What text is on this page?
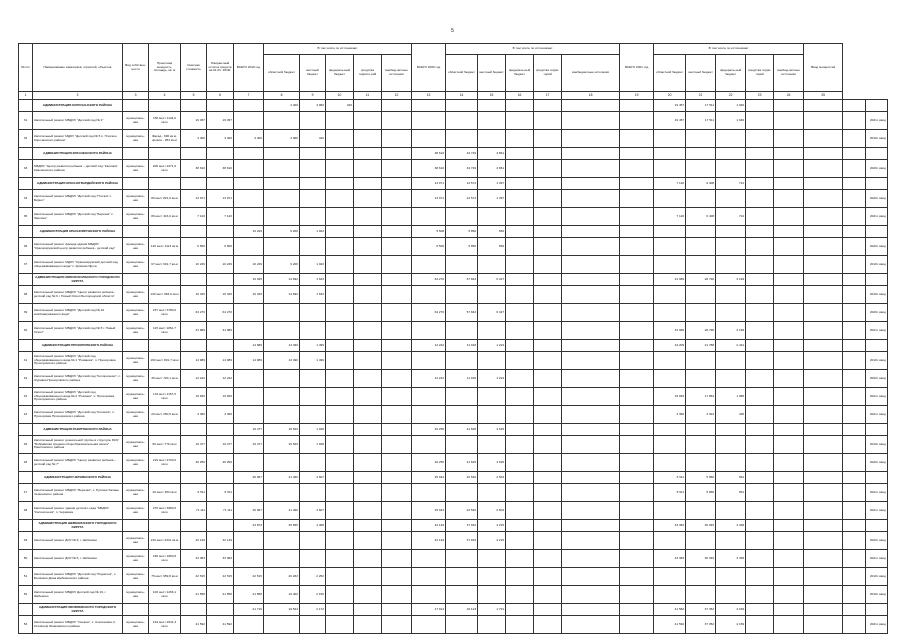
5
№ п/п	Наименование заказчиков, отраслей, объектов	Вид собствен-ности	Проектная мощность, площадь, кв. м	Сметная стоимость	Ожидае-мый остаток средств на 01.01. 2019г.	ВСЕГО 2019 год	В том числе по источникам:					ВСЕГО 2020 год	В том числе по источникам:					ВСЕГО 2021 год	В том числе по источникам:					Ввод мощностей		
							областной бюджет	местный бюджет	федераль-ный бюджет	средства террито-рий	внебюд-жетные источники		областной бюджет	местный бюджет	федераль-ный бюджет	средства терри-торий	внебюджетные источники		областной бюджет	местный бюджет	федераль-ный бюджет	средства терри-торий	внебюд-жетные источники			
1	2	3	4	5	6	7	8	9	10	11	12	13	14	15	16	17	18	19	20	21	22	23	24	25		
	АДМИНИСТРАЦИЯ КОРОЧАНСКОГО РАЙОНА						4 400	3 960	440										19 457	17 511	1 946					
31	Капитальный ремонт МБДОУ "Детский сад № 1"	муниципаль-ная	150 мест 1144,6 кв.м	19 457	19 457														19 457	17 511	1 946					2021г. ввод
32	Капитальный ремонт МДОУ "Детский сад № 5 п. Плоское Корочанского района"	муниципаль-ная	Фасад - 690 кв.м, кровля - 954 кв.м	4 400	4 400	4 400	3 960	440																		2019г. ввод
	АДМИНИСТРАЦИЯ КРАСНЕНСКОГО РАЙОНА											38 610	34 749	3 861												
33	МБДОУ "Центр развития ребенка – детский сад "Калинка" Красненского района	муниципаль-ная	200 мест 2271,0 кв.м	38 610	38 610							38 610	34 749	3 861												2020г. ввод
	АДМИНИСТРАЦИЯ КРАСНОГВАРДЕЙСКОГО РАЙОНА											13 971	12 574	1 397					7 120	6 408	712					
34	Капитальный ремонт МБДОУ "Детский сад "Птичка" с. Бирюч"	муниципаль-ная	80 мест 821,0 кв.м	13 971	13 971							13 971	12 574	1 397												2020г. ввод
35	Капитальный ремонт МБДОУ "Детский сад "Березка" с. Засосна"	муниципаль-ная	80 мест 416,0 кв.м	7 120	7 120														7 120	6 408	712					2021г. ввод
	АДМИНИСТРАЦИЯ КРАСНОЯРУЖСКОГО РАЙОНА					10 229	9 206	1 023				5 508	5 850	650												
36	Капитальный ремонт фасада здания МБДОУ "Краснояружский центр развития ребенка - детский сад"	муниципаль-ная	140 мест 2113 кв.м	6 500	6 500							6 500	5 850	650												2020г. ввод
37	Капитальный ремонт МДОУ "Краснояружский детский сад общеразвивающего вида" с. Красная Яруга	муниципаль-ная	67 мест 601,7 кв.м	10 229	10 229	10 229	9 206	1 023																		2019г. ввод
	АДМИНИСТРАЦИЯ НОВООСКОЛЬСКОГО ГОРОДСКОГО ОКРУГА					16 325	14 692	1 633				64 270	57 843	6 427					31 989	28 790	3 199					
38	Капитальный ремонт МБДОУ "Центр развития ребенка - детский сад № 6 г. Новый Оскол Белгородской области"	муниципаль-ная	140 мест 983,0 кв.м	16 325	16 325	16 325	14 692	1 633																		2019г. ввод
39	Капитальный ремонт МБДОУ "Детский сад № 10 комбинированного вида"	муниципаль-ная	237 мест 3780,0 кв.м	64 270	64 270							64 270	57 843	6 427												2020г. ввод
40	Капитальный ремонт МБДОУ "Детский сад № 5 г. Новый Оскол"	муниципаль-ная	115 мест 1861,7 кв.м	31 989	31 989														31 989	28 790	3 199					2021г. ввод
	АДМИНИСТРАЦИЯ ПРОХОРОВСКОГО РАЙОНА					14 989	13 490	1 499				12 242	11 018	1 224					24 209	21 788	2 421					
41	Капитальный ремонт МБДОУ "Детский сад общеразвивающего вида № 1 "Ромашка", п. Прохоровка Прохоровского района	муниципаль-ная	190 мест 801,7 кв.м	14 989	14 989	14 989	13 490	1 499																		2019г. ввод
42	Капитальный ремонт МБДОУ "Детский сад "Колокольчик", с. Журавка Прохоровского района	муниципаль-ная	45 мест 720,1 кв.м	12 242	12 242							12 242	11 018	1 224												2020г. ввод
43	Капитальный ремонт МБДОУ "Детский сад общеразвивающего вида № 2 "Росинка", п. Прохоровка Прохоровского района	муниципаль-ная	134 мест 1157,5 кв.м	19 849	19 849														19 849	17 864	1 985					2021г. ввод
44	Капитальный ремонт МБДОУ "Детский сад "Копилка", п. Прохоровка Прохоровского района	муниципаль-ная	20 мест 250,5 кв.м	4 360	4 360														4 360	3 924	436					2021г. ввод
	АДМИНИСТРАЦИЯ РАКИТЯНСКОГО РАЙОНА					19 477	16 529	1 948				46 250	41 625	4 625												
45	Капитальный ремонт дошкольной группы в структуре МОУ "Бобравская средняя общеобразовательная школа" Ракитянского района	муниципаль-ная	60 мест 770 кв.м	19 477	19 477	19 477	16 529	1 948																		2019г. ввод
46	Капитальный ремонт МБДОУ "Центр развития ребенка – детский сад № 7"	муниципаль-ная	219 мест 2720,0 кв.м	46 250	46 250							46 250	41 625	4 625												2020г. ввод
	АДМИНИСТРАЦИЯ ЧЕРНЯНСКОГО РАЙОНА					46 067	41 460	4 607				25 044	22 540	2 504					6 511	5 860	651					
47	Капитальный ремонт МБДОУ "Березка", с. Русская Халань Чернянского района	муниципаль-ная	40 мест 383 кв.м	6 511	6 511														6 511	5 860	651					2021г. ввод
48	Капитальный ремонт здания детского сада "МБДОУ "Колокольчик", п. Чернянка	муниципаль-ная	270 мест 3680,0 кв.м	71 111	71 111	46 067	41 460	4 607				25 044	22 540	2 504												2021г. ввод
	АДМИНИСТРАЦИЯ ШЕБЕКИНСКОГО ГОРОДСКОГО ОКРУГА					44 873	39 565	4 408				42 149	37 934	4 215					33 383	30 045	3 338					
49	Капитальный ремонт ДОУ № 6, г. Шебекино	муниципаль-ная	210 мест 2341 кв.м	42 149	42 149							42 149	37 934	4 215												2020г. ввод
50	Капитальный ремонт ДОУ № 5, г. Шебекино	муниципаль-ная	180 мест 1890,8 кв.м	33 383	33 383														33 383	30 045	3 338					2021г. ввод
51	Капитальный ремонт МБДОУ "Детский сад "Родничок", с. Белянкин Дома Шебекинского района	муниципаль-ная	75 мест 959,8 кв.м	22 515	22 515	22 515	20 263	2 252																		2019г. ввод
52	Капитальный ремонт МБДОУ Детский сад № 16, г. Шебекино	муниципаль-ная	100 мест 1266,1 кв.м	21 558	21 558	21 558	19 402	2 156																		2019г. ввод
	АДМИНИСТРАЦИЯ ЯКОВЛЕВСКОГО ГОРОДСКОГО ОКРУГА					21 716	19 544	2 172				17 914	16 123	1 791					41 582	37 352	4 159					
53	Капитальный ремонт МБДОУ "Снежок", с. Алексеевка (с Козлёнок) Яковлевского района	муниципаль-ная	194 мест 2641,3 кв.м	41 592	41 592														41 592	37 352	4 159					2021г. ввод
